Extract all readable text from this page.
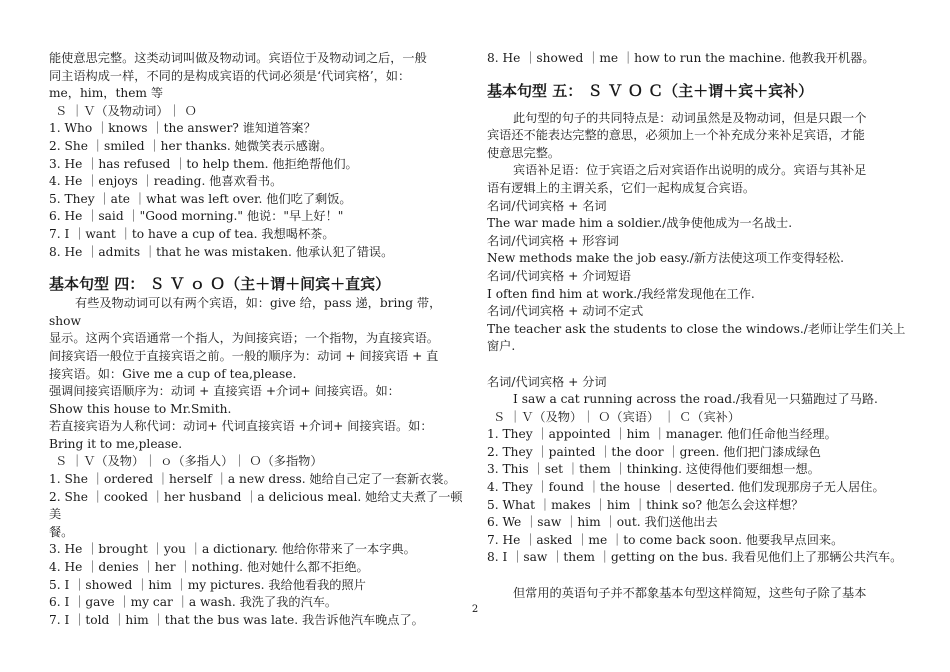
能使意思完整。这类动词叫做及物动词。宾语位于及物动词之后，一般

同主语构成一样，不同的是构成宾语的代词必须是‘代词宾格’，如：

me，him，them 等

Ｓ ｜Ｖ（及物动词）｜ Ｏ

1. Who ｜knows ｜the answer? 谁知道答案？

2. She ｜smiled ｜her thanks. 她微笑表示感谢。

3. He ｜has refused ｜to help them. 他拒绝帮他们。

4. He ｜enjoys ｜reading. 他喜欢看书。

5. They ｜ate ｜what was left over. 他们吃了剩饭。

6. He ｜said ｜"Good morning." 他说："早上好！"

7. I ｜want ｜to have a cup of tea. 我想喝杯茶。

8. He ｜admits ｜that he was mistaken. 他承认犯了错误。

基本句型 四： Ｓ Ｖ ｏ Ｏ（主＋谓＋间宾＋直宾）

有些及物动词可以有两个宾语，如：give 给，pass 递，bring 带，show

显示。这两个宾语通常一个指人，为间接宾语；一个指物，为直接宾语。

间接宾语一般位于直接宾语之前。一般的顺序为：动词 + 间接宾语 + 直

接宾语。如：Give me a cup of tea,please.

强调间接宾语顺序为：动词 + 直接宾语 +介词+ 间接宾语。如：

Show this house to Mr.Smith.

若直接宾语为人称代词：动词+ 代词直接宾语 +介词+ 间接宾语。如：

Bring it to me,please.

Ｓ ｜Ｖ（及物）｜ ｏ（多指人）｜ Ｏ（多指物）

1. She ｜ordered ｜herself ｜a new dress. 她给自己定了一套新衣裳。

2. She ｜cooked ｜her husband ｜a delicious meal. 她给丈夫煮了一顿美

餐。

3. He ｜brought ｜you ｜a dictionary. 他给你带来了一本字典。

4. He ｜denies ｜her ｜nothing. 他对她什么都不拒绝。

5. I ｜showed ｜him ｜my pictures. 我给他看我的照片

6. I ｜gave ｜my car ｜a wash. 我洗了我的汽车。

7. I ｜told ｜him ｜that the bus was late. 我告诉他汽车晚点了。

8. He ｜showed ｜me ｜how to run the machine. 他教我开机器。

基本句型 五： Ｓ Ｖ Ｏ Ｃ（主＋谓＋宾＋宾补）

此句型的句子的共同特点是：动词虽然是及物动词，但是只跟一个

宾语还不能表达完整的意思，必须加上一个补充成分来补足宾语，才能

使意思完整。

宾语补足语：位于宾语之后对宾语作出说明的成分。宾语与其补足

语有逻辑上的主谓关系，它们一起构成复合宾语。

名词/代词宾格 + 名词

The war made him a soldier./战争使他成为一名战士.

名词/代词宾格 + 形容词

New methods make the job easy./新方法使这项工作变得轻松.

名词/代词宾格 + 介词短语

I often find him at work./我经常发现他在工作.

名词/代词宾格 + 动词不定式

The teacher ask the students to close the windows./老师让学生们关上窗户.

名词/代词宾格 + 分词

I saw a cat running across the road./我看见一只猫跑过了马路.

Ｓ ｜Ｖ（及物）｜ Ｏ（宾语） ｜ Ｃ（宾补）

1. They ｜appointed ｜him ｜manager. 他们任命他当经理。

2. They ｜painted ｜the door ｜green. 他们把门漆成绿色

3. This ｜set ｜them ｜thinking. 这使得他们要细想一想。

4. They ｜found ｜the house ｜deserted. 他们发现那房子无人居住。

5. What ｜makes ｜him ｜think so? 他怎么会这样想？

6. We ｜saw ｜him ｜out. 我们送他出去

7. He ｜asked ｜me ｜to come back soon. 他要我早点回来。

8. I ｜saw ｜them ｜getting on the bus. 我看见他们上了那辆公共汽车。

但常用的英语句子并不都象基本句型这样简短，这些句子除了基本

2
